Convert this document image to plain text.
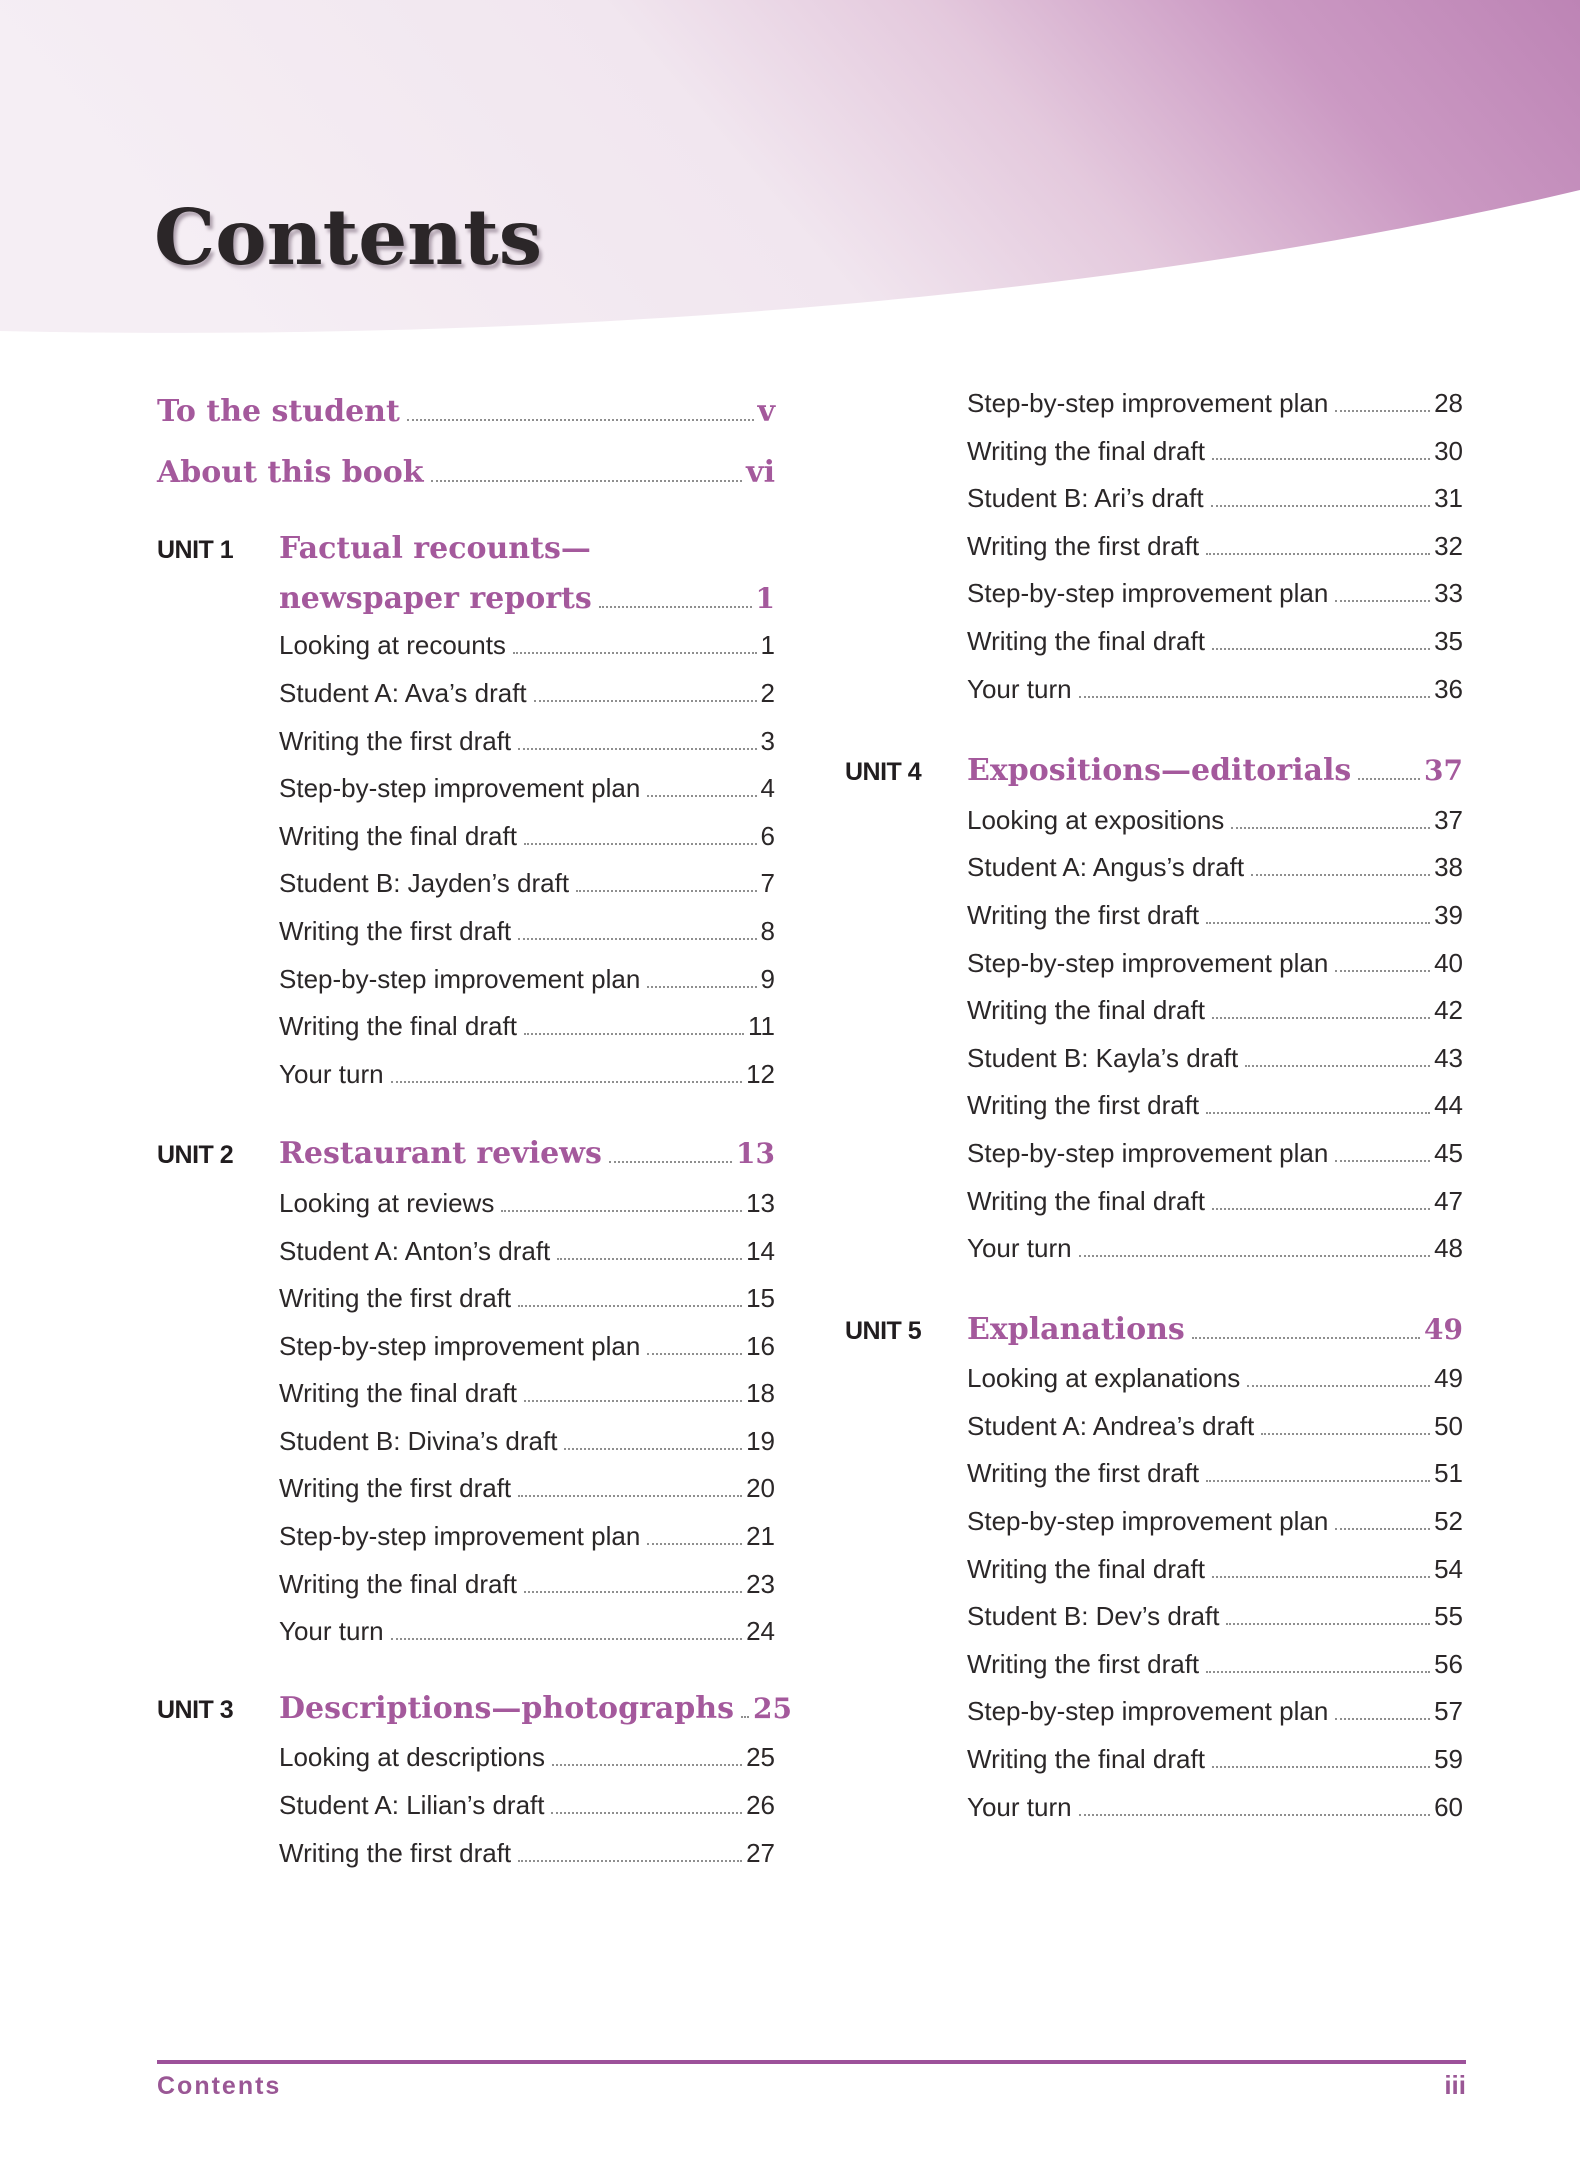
Contents
To the student	v
About this book	vi
UNIT 1	Factual recounts—
newspaper reports	1
Looking at recounts	1
Student A: Ava’s draft	2
Writing the first draft	3
Step-by-step improvement plan	4
Writing the final draft	6
Student B: Jayden’s draft	7
Writing the first draft	8
Step-by-step improvement plan	9
Writing the final draft	11
Your turn	12
UNIT 2	Restaurant reviews	13
Looking at reviews	13
Student A: Anton’s draft	14
Writing the first draft	15
Step-by-step improvement plan	16
Writing the final draft	18
Student B: Divina’s draft	19
Writing the first draft	20
Step-by-step improvement plan	21
Writing the final draft	23
Your turn	24
UNIT 3	Descriptions—photographs 25
Looking at descriptions	25
Student A: Lilian’s draft	26
Writing the first draft	27
Step-by-step improvement plan	28
Writing the final draft	30
Student B: Ari’s draft	31
Writing the first draft	32
Step-by-step improvement plan	33
Writing the final draft	35
Your turn	36
UNIT 4	Expositions—editorials	37
Looking at expositions	37
Student A: Angus’s draft	38
Writing the first draft	39
Step-by-step improvement plan	40
Writing the final draft	42
Student B: Kayla’s draft	43
Writing the first draft	44
Step-by-step improvement plan	45
Writing the final draft	47
Your turn	48
UNIT 5	Explanations	49
Looking at explanations	49
Student A: Andrea’s draft	50
Writing the first draft	51
Step-by-step improvement plan	52
Writing the final draft	54
Student B: Dev’s draft	55
Writing the first draft	56
Step-by-step improvement plan	57
Writing the final draft	59
Your turn	60
Contents	iii
